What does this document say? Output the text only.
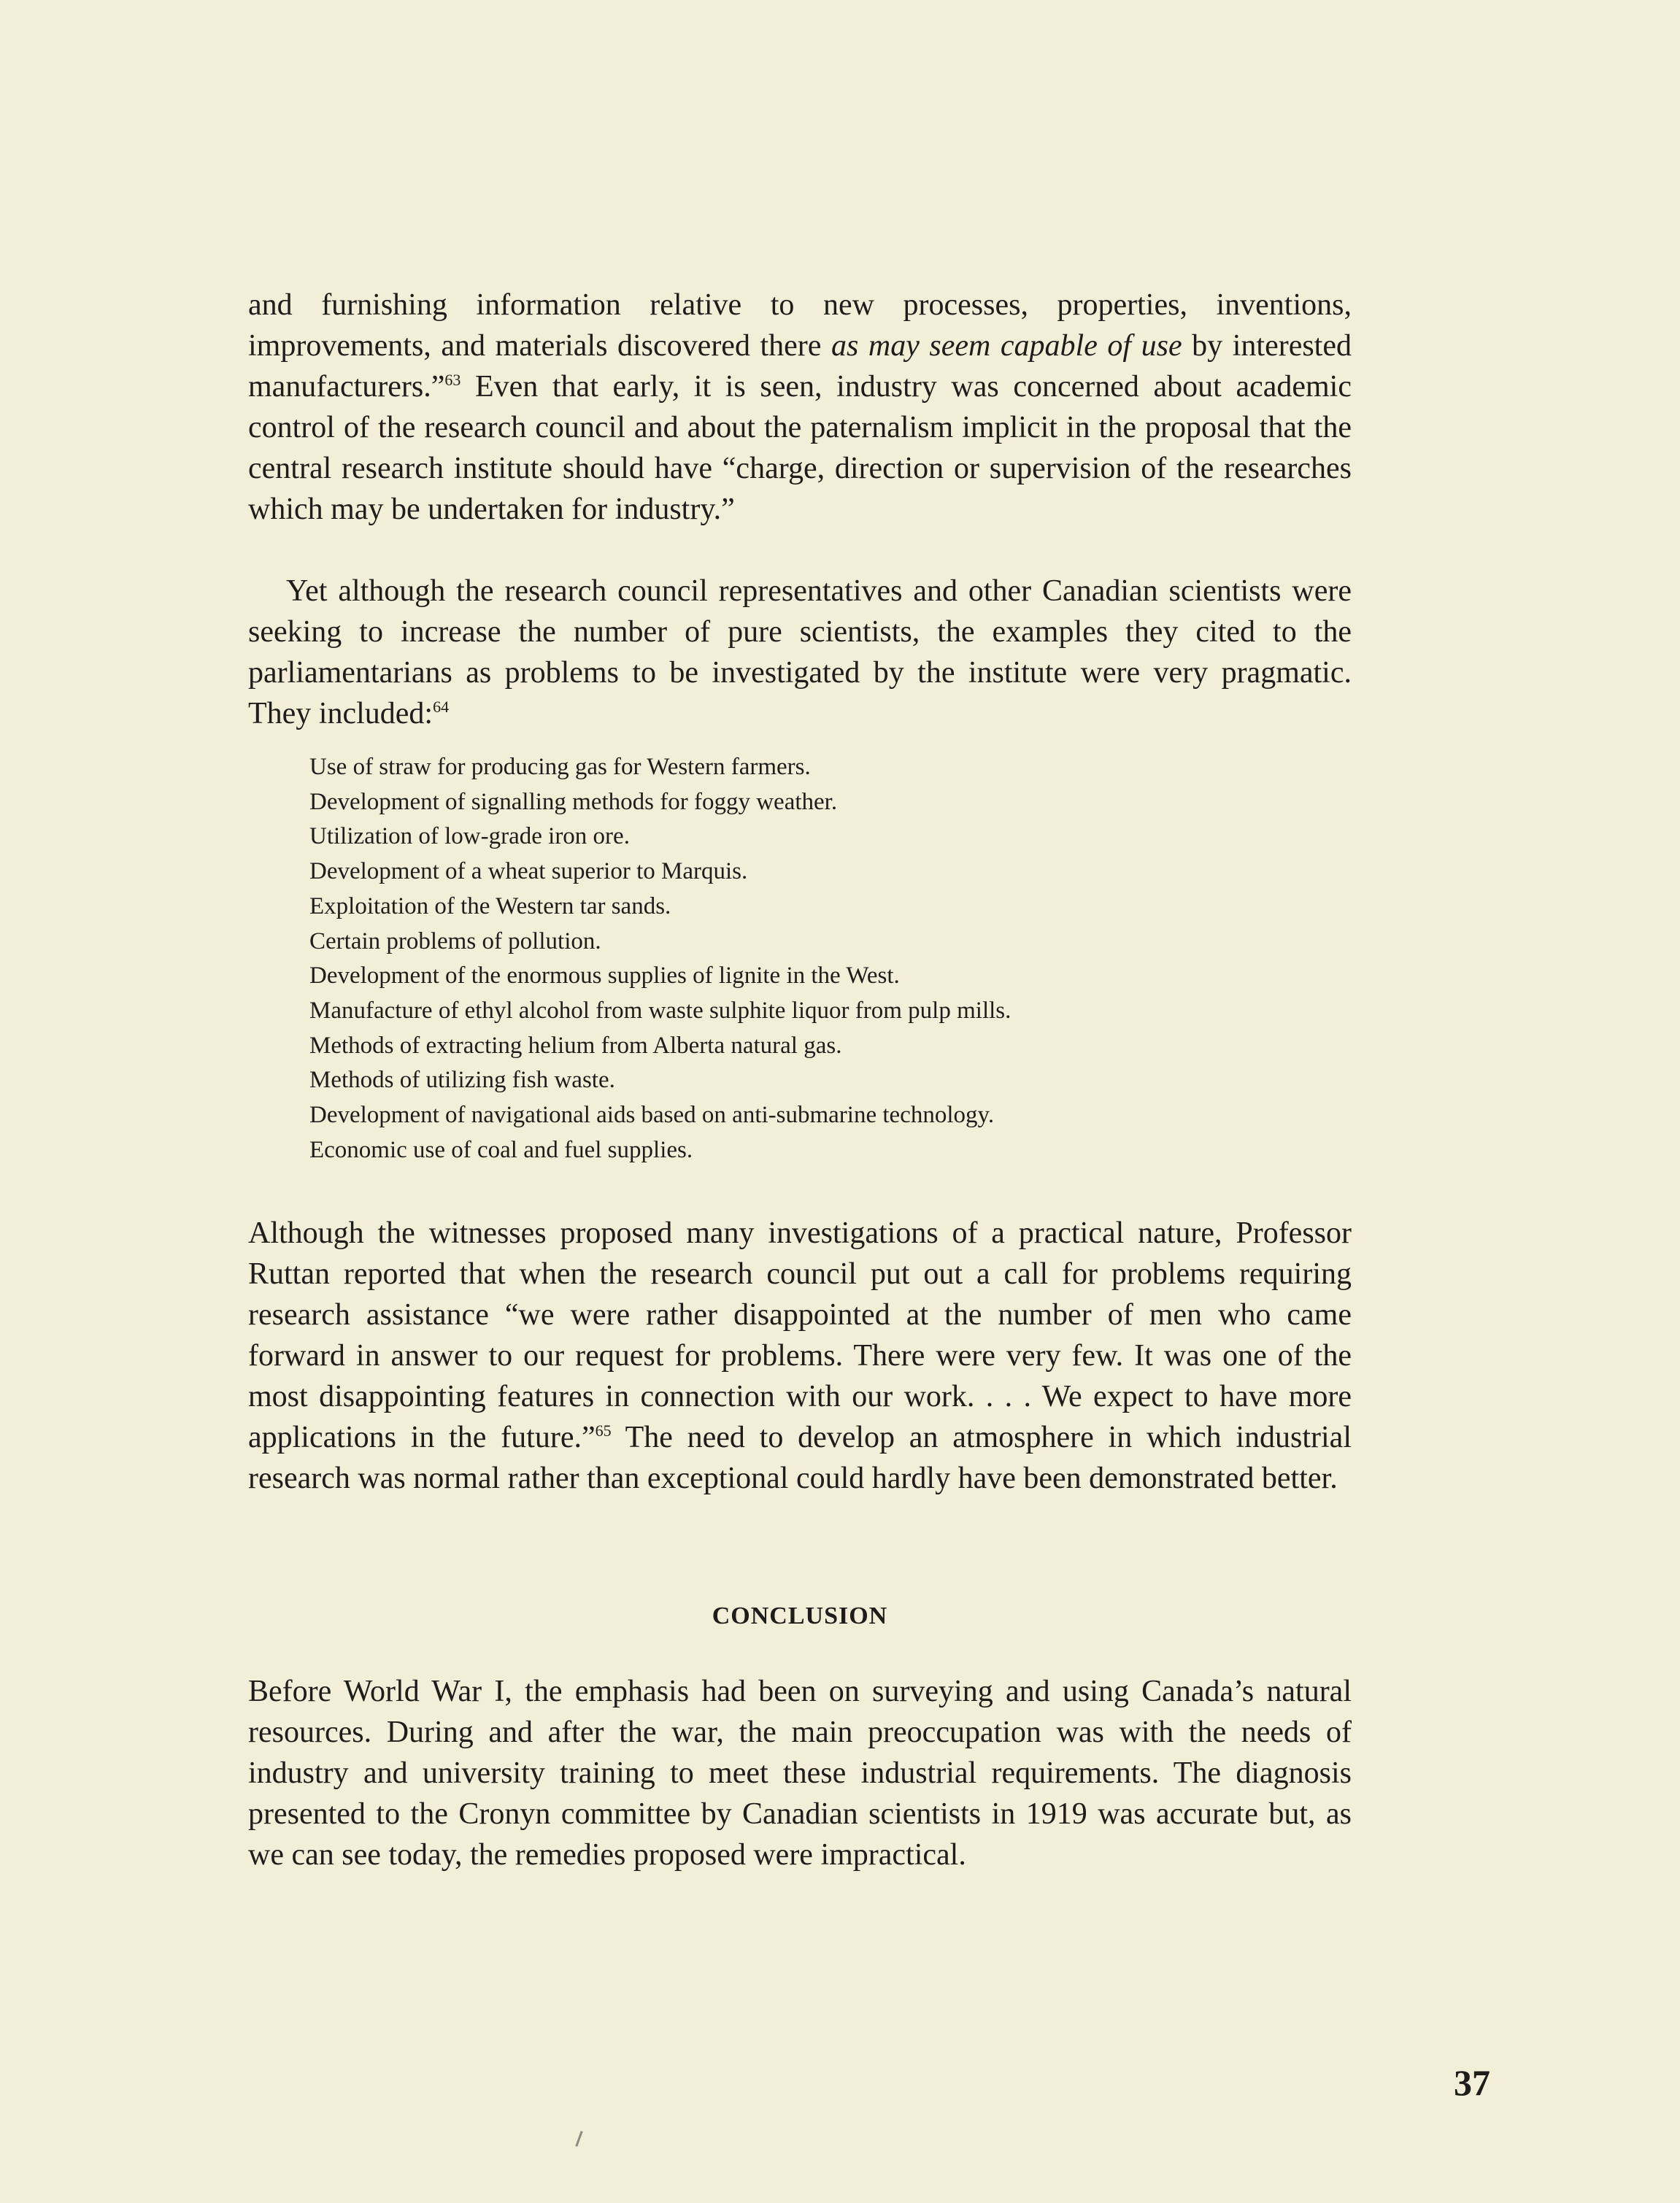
and furnishing information relative to new processes, properties, inventions, improvements, and materials discovered there as may seem capable of use by interested manufacturers.”$^{63}$ Even that early, it is seen, industry was concerned about academic control of the research council and about the paternalism implicit in the proposal that the central research institute should have “charge, direction or supervision of the researches which may be undertaken for industry.”

Yet although the research council representatives and other Canadian scientists were seeking to increase the number of pure scientists, the examples they cited to the parliamentarians as problems to be investigated by the institute were very pragmatic. They included:$^{64}$

Use of straw for producing gas for Western farmers.
Development of signalling methods for foggy weather.
Utilization of low-grade iron ore.
Development of a wheat superior to Marquis.
Exploitation of the Western tar sands.
Certain problems of pollution.
Development of the enormous supplies of lignite in the West.
Manufacture of ethyl alcohol from waste sulphite liquor from pulp mills.
Methods of extracting helium from Alberta natural gas.
Methods of utilizing fish waste.
Development of navigational aids based on anti-submarine technology.
Economic use of coal and fuel supplies.

Although the witnesses proposed many investigations of a practical nature, Professor Ruttan reported that when the research council put out a call for problems requiring research assistance “we were rather disappointed at the number of men who came forward in answer to our request for problems. There were very few. It was one of the most disappointing features in connection with our work. . . . We expect to have more applications in the future.”$^{65}$ The need to develop an atmosphere in which industrial research was normal rather than exceptional could hardly have been demonstrated better.

CONCLUSION

Before World War I, the emphasis had been on surveying and using Canada’s natural resources. During and after the war, the main preoccupation was with the needs of industry and university training to meet these industrial requirements. The diagnosis presented to the Cronyn committee by Canadian scientists in 1919 was accurate but, as we can see today, the remedies proposed were impractical.

37
